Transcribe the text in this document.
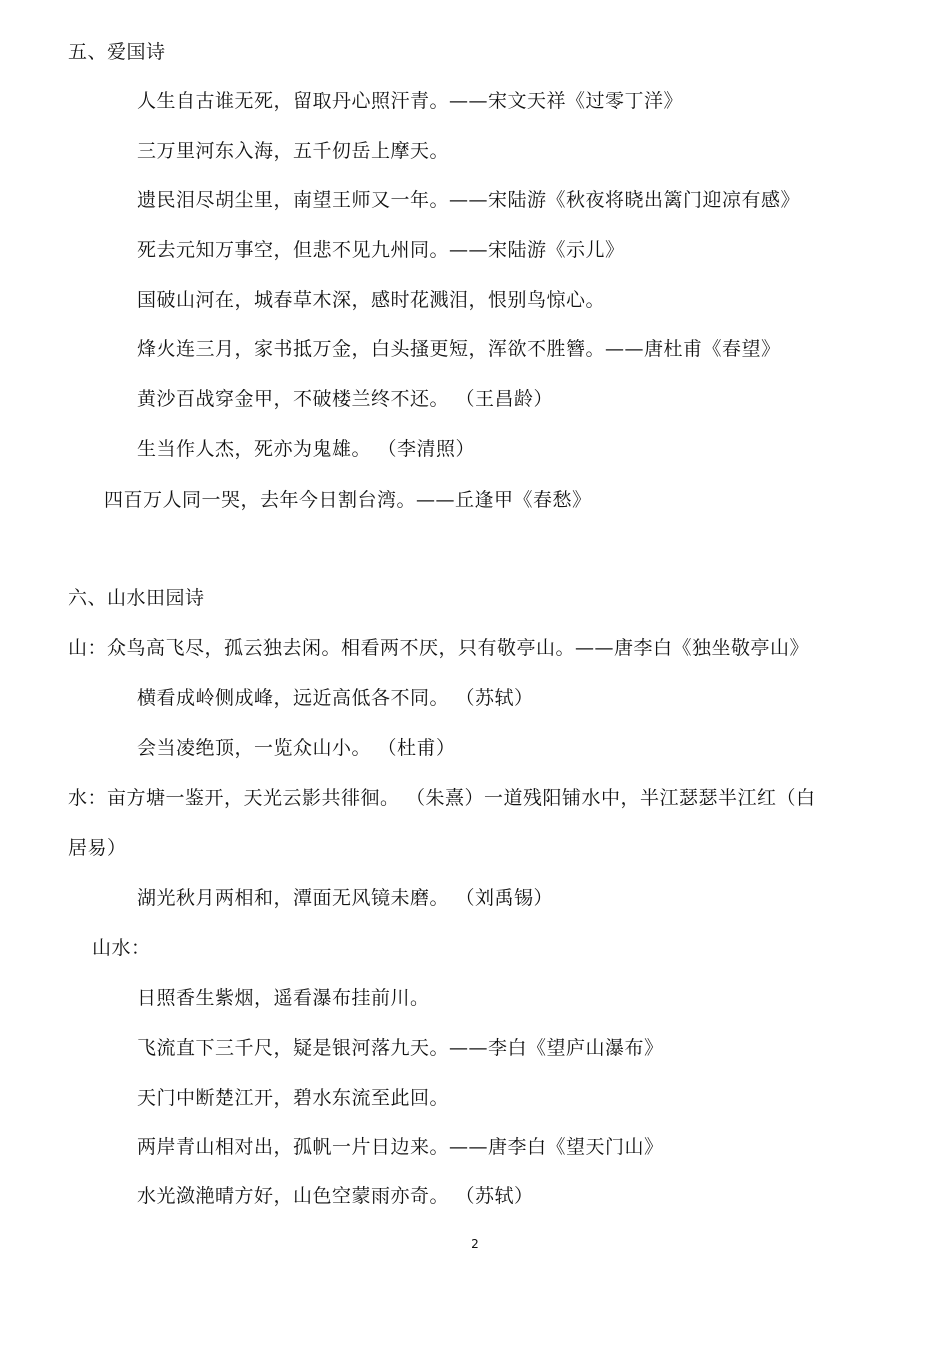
五、爱国诗
人生自古谁无死，留取丹心照汗青。——宋文天祥《过零丁洋》
三万里河东入海，五千仞岳上摩天。
遗民泪尽胡尘里，南望王师又一年。——宋陆游《秋夜将晓出篱门迎凉有感》
死去元知万事空，但悲不见九州同。——宋陆游《示儿》
国破山河在，城春草木深，感时花溅泪，恨别鸟惊心。
烽火连三月，家书抵万金，白头搔更短，浑欲不胜簪。——唐杜甫《春望》
黄沙百战穿金甲，不破楼兰终不还。 （王昌龄）
生当作人杰，死亦为鬼雄。 （李清照）
四百万人同一哭，去年今日割台湾。——丘逢甲《春愁》
六、山水田园诗
山：众鸟高飞尽，孤云独去闲。相看两不厌，只有敬亭山。——唐李白《独坐敬亭山》
横看成岭侧成峰，远近高低各不同。 （苏轼）
会当凌绝顶，一览众山小。 （杜甫）
水：亩方塘一鉴开，天光云影共徘徊。 （朱熹）一道残阳铺水中，半江瑟瑟半江红（白
居易）
湖光秋月两相和，潭面无风镜未磨。 （刘禹锡）
山水：
日照香生紫烟，遥看瀑布挂前川。
飞流直下三千尺，疑是银河落九天。——李白《望庐山瀑布》
天门中断楚江开，碧水东流至此回。
两岸青山相对出，孤帆一片日边来。——唐李白《望天门山》
水光潋滟晴方好，山色空蒙雨亦奇。 （苏轼）
2
